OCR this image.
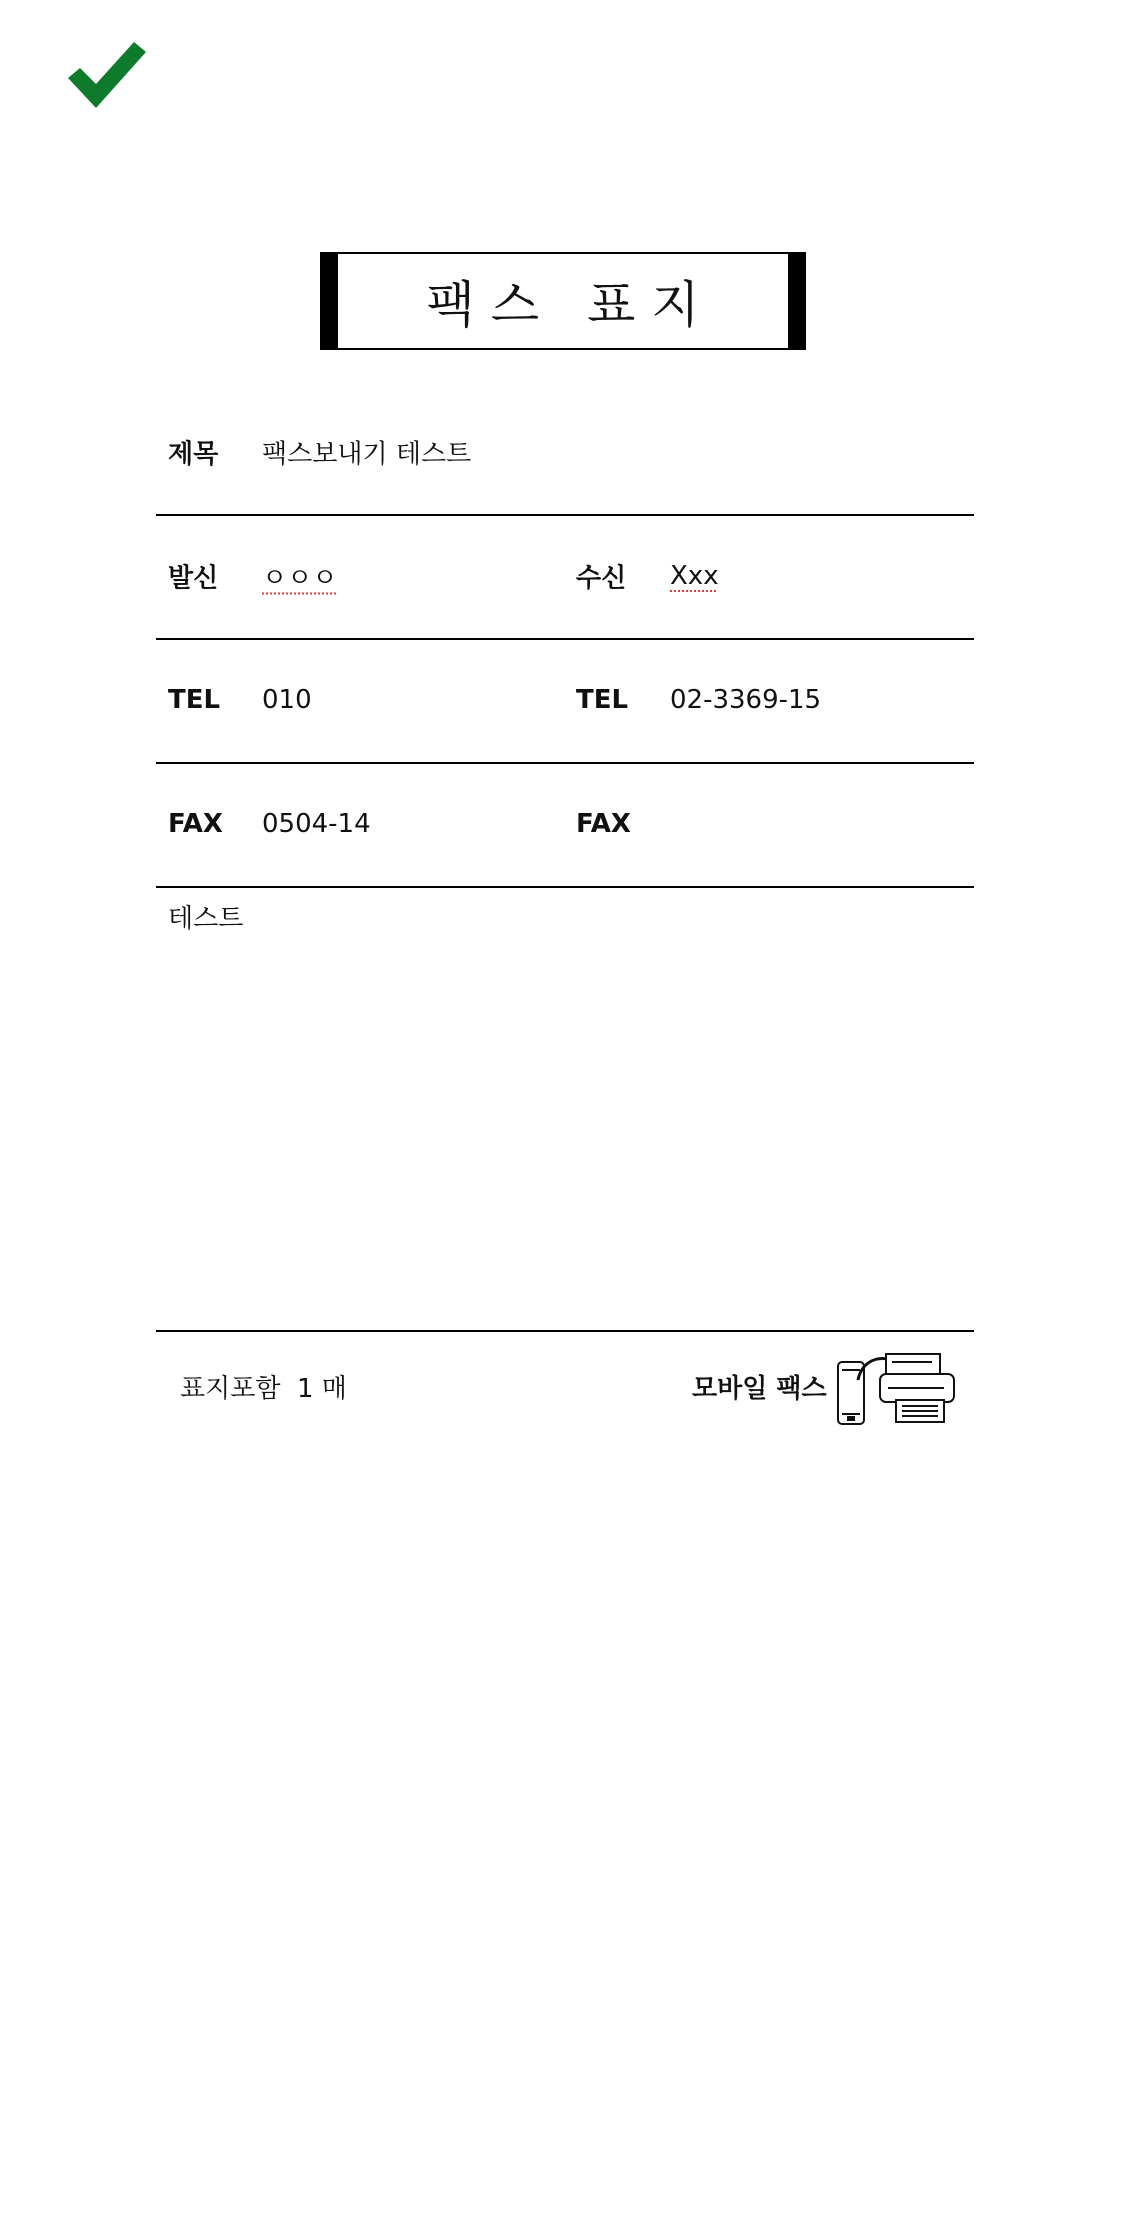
팩스 표지
제목 팩스보내기 테스트
발신 ㅇㅇㅇ	수신 Xxx
TEL 010	TEL 02-3369-15
FAX 0504-14	FAX
테스트
표지포함  1 매	모바일 팩스
